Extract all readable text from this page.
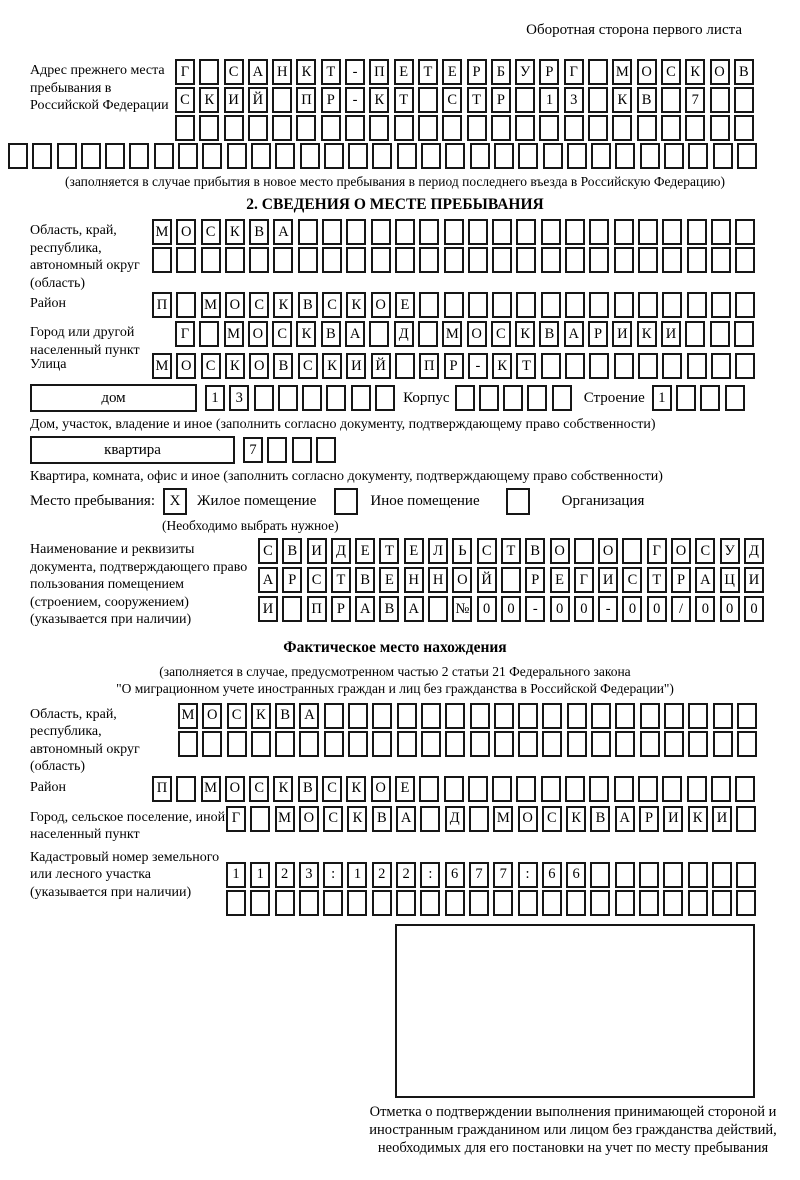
Оборотная сторона первого листа
Адрес прежнего места пребывания в Российской Федерации
Г	С А Н К	Т	-	П	Е	Т	Е	Р	Б	У	Р	Г	М О С	К О В
С	К И Й	П	Р	-	К	Т	С	Т	Р	1	3	К	В	7
(заполняется в случае прибытия в новое место пребывания в период последнего въезда в Российскую Федерацию)
2. СВЕДЕНИЯ О МЕСТЕ ПРЕБЫВАНИЯ
Область, край, республика, автономный округ (область)
М О С	К	В А
Район	П	М О С	К	В	С	К О	Е
Город или другой населенный пункт
Г	М О С	К	В А	Д	М О С	К	В А	Р	И К И
Улица	М О С	К О В	С	К И Й	П	Р	-	К	Т
дом	1	3	Корпус	Строение 1
Дом, участок, владение и иное (заполнить согласно документу, подтверждающему право собственности)
квартира	7
Квартира, комната, офис и иное (заполнить согласно документу, подтверждающему право собственности)
Место пребывания: X	Жилое помещение	Иное помещение	Организация
(Необходимо выбрать нужное)
Наименование и реквизиты документа, подтверждающего право пользования помещением (строением, сооружением) (указывается при наличии)
С	В И Д	Е	Т	Е	Л	Ь	С	Т	В О	О	Г	О С У Д
А	Р	С	Т	В	Е	Н Н О Й	Р	Е	Г	И С	Т	Р	А Ц И
И	П	Р	А В А	№ 0	0	-	0	0	-	0	0	/	0	0	0
Фактическое место нахождения
(заполняется в случае, предусмотренном частью 2 статьи 21 Федерального закона
"О миграционном учете иностранных граждан и лиц без гражданства в Российской Федерации")
Область, край, республика, автономный округ (область)
М О С	К	В А
Район	П	М О С	К	В	С	К О	Е
Город, сельское поселение, иной населенный пункт
Г	М О С	К	В А	Д	М О С	К	В А	Р	И К И
Кадастровый номер земельного или лесного участка (указывается при наличии)
1	1	2	3	:	1	2	2	:	6	7	7	:	6	6
Отметка о подтверждении выполнения принимающей стороной и иностранным гражданином или лицом без гражданства действий, необходимых для его постановки на учет по месту пребывания
